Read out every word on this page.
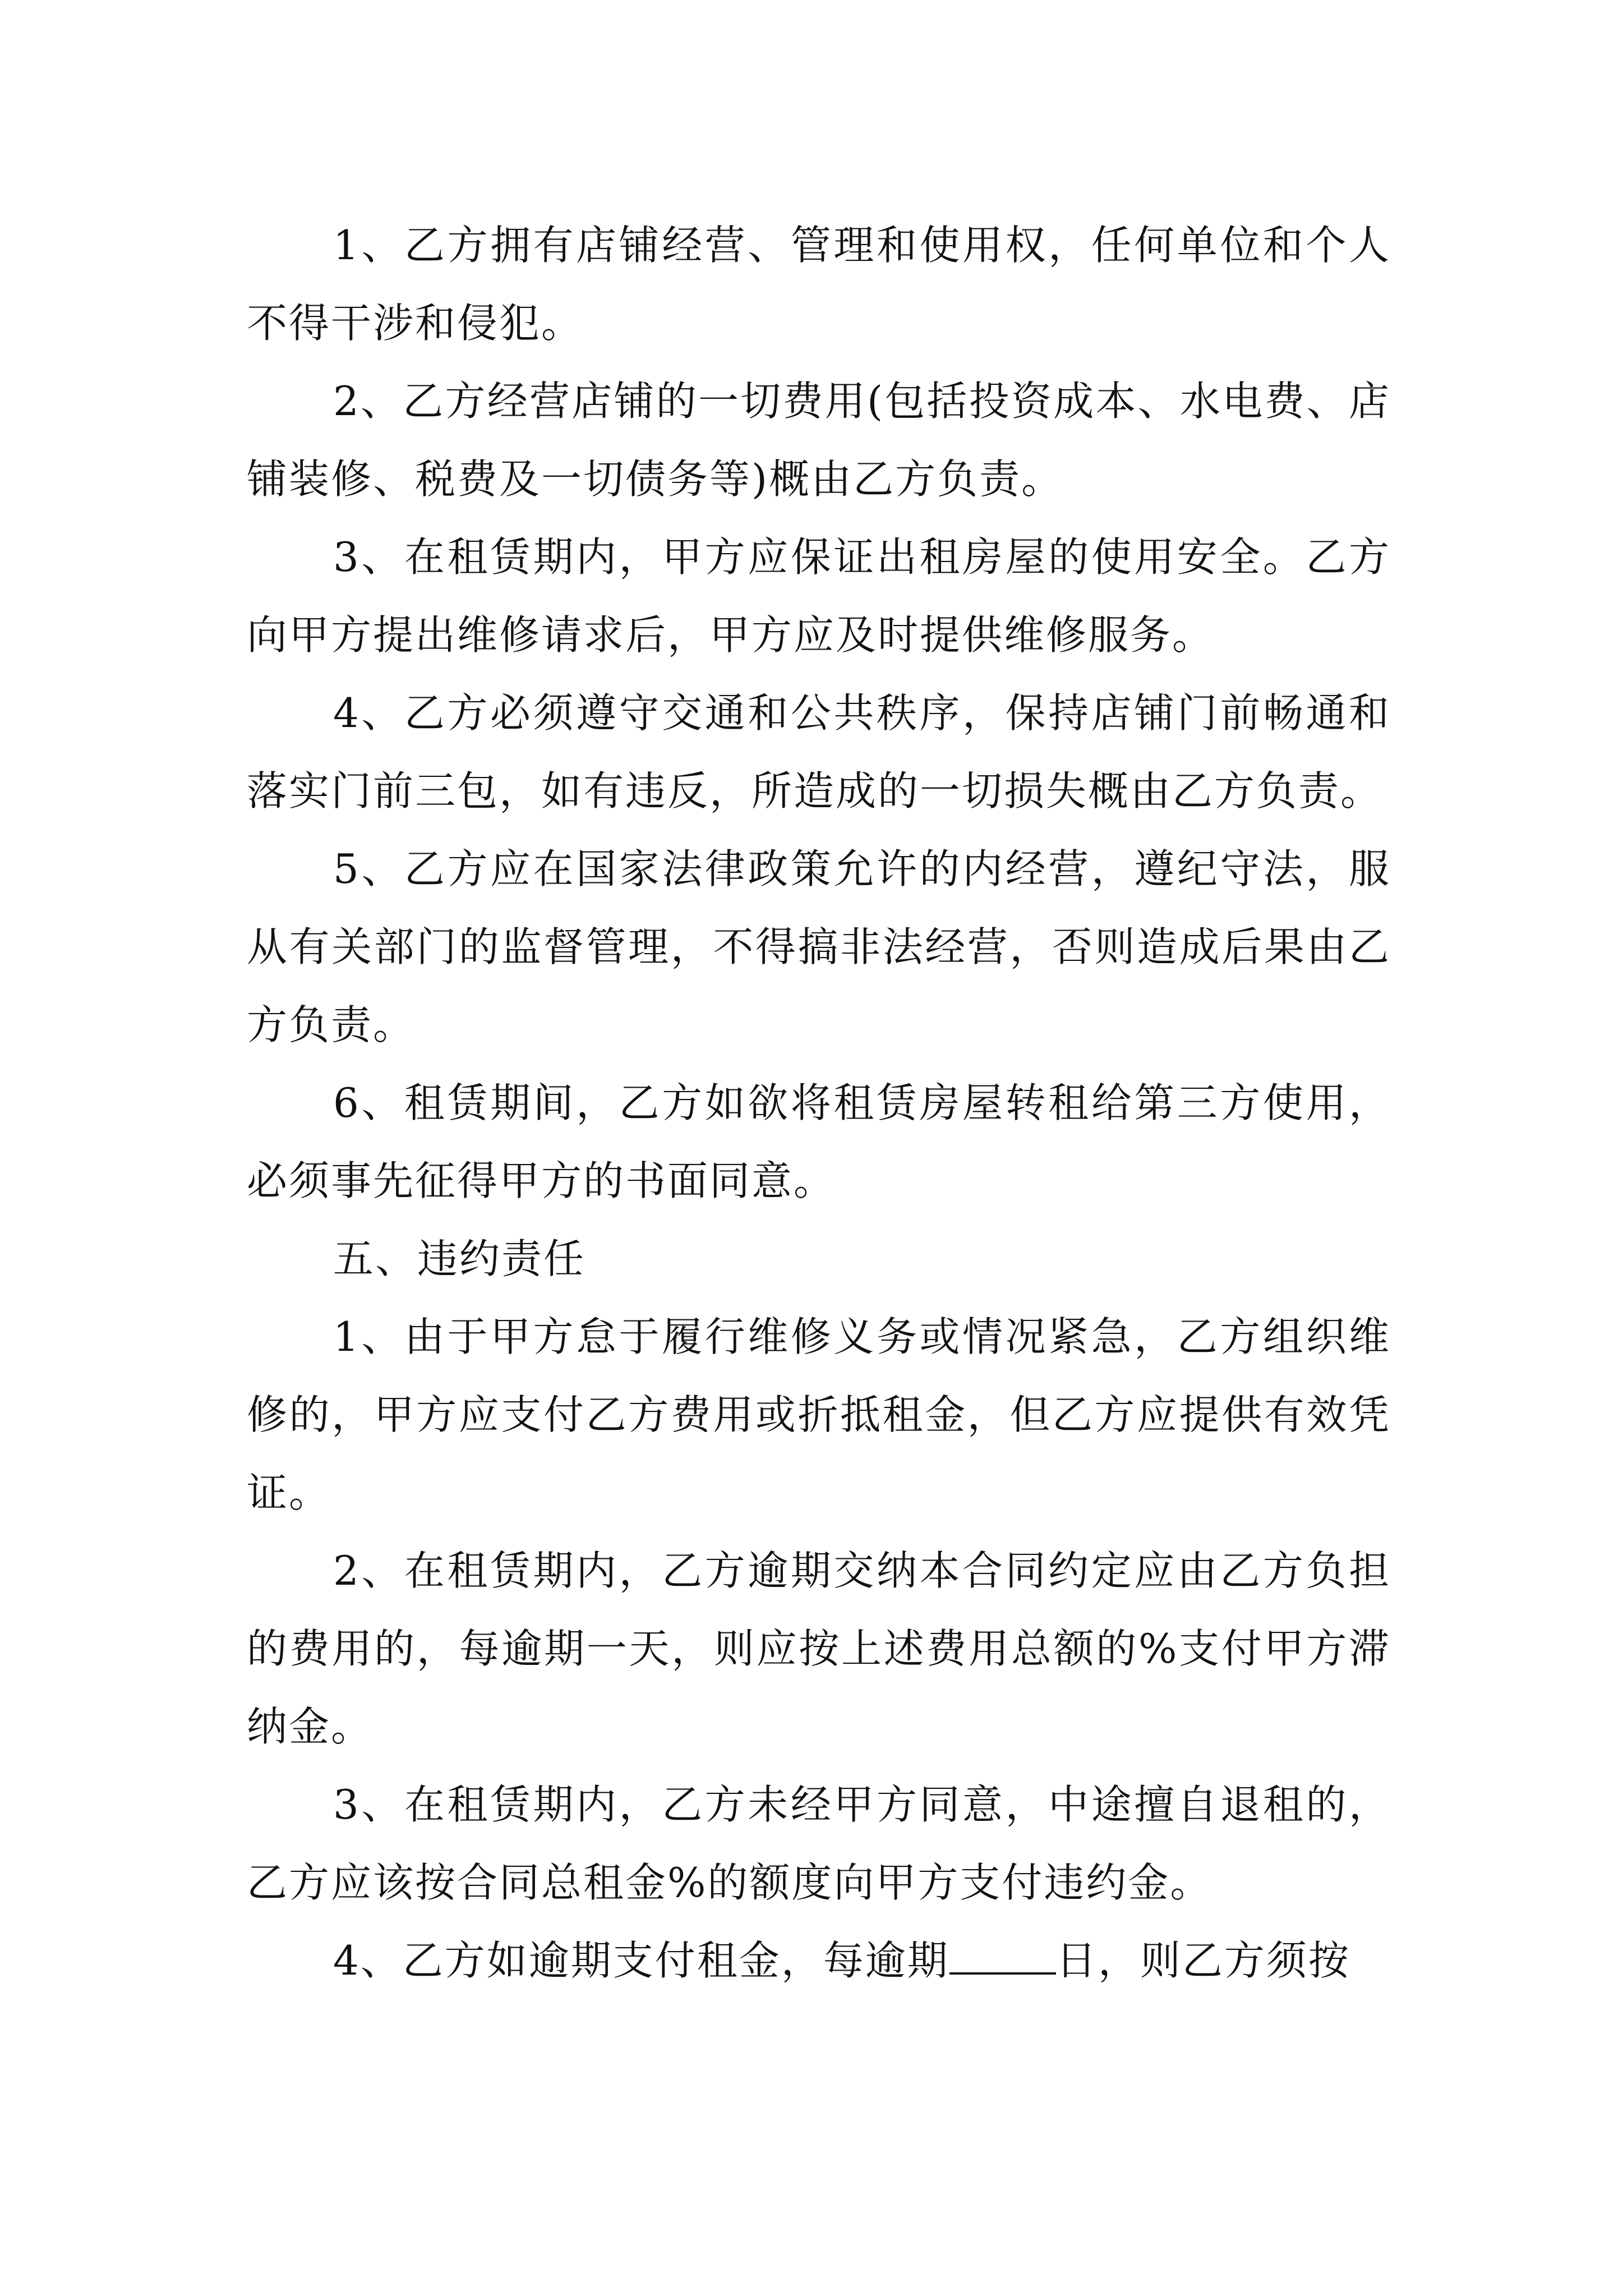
1、乙方拥有店铺经营、管理和使用权，任何单位和个人不得干涉和侵犯。

2、乙方经营店铺的一切费用(包括投资成本、水电费、店铺装修、税费及一切债务等)概由乙方负责。

3、在租赁期内，甲方应保证出租房屋的使用安全。乙方向甲方提出维修请求后，甲方应及时提供维修服务。

4、乙方必须遵守交通和公共秩序，保持店铺门前畅通和落实门前三包，如有违反，所造成的一切损失概由乙方负责。

5、乙方应在国家法律政策允许的内经营，遵纪守法，服从有关部门的监督管理，不得搞非法经营，否则造成后果由乙方负责。

6、租赁期间，乙方如欲将租赁房屋转租给第三方使用，必须事先征得甲方的书面同意。

五、违约责任

1、由于甲方怠于履行维修义务或情况紧急，乙方组织维修的，甲方应支付乙方费用或折抵租金，但乙方应提供有效凭证。

2、在租赁期内，乙方逾期交纳本合同约定应由乙方负担的费用的，每逾期一天，则应按上述费用总额的%支付甲方滞纳金。

3、在租赁期内，乙方未经甲方同意，中途擅自退租的，乙方应该按合同总租金%的额度向甲方支付违约金。

4、乙方如逾期支付租金，每逾期	日，则乙方须按
